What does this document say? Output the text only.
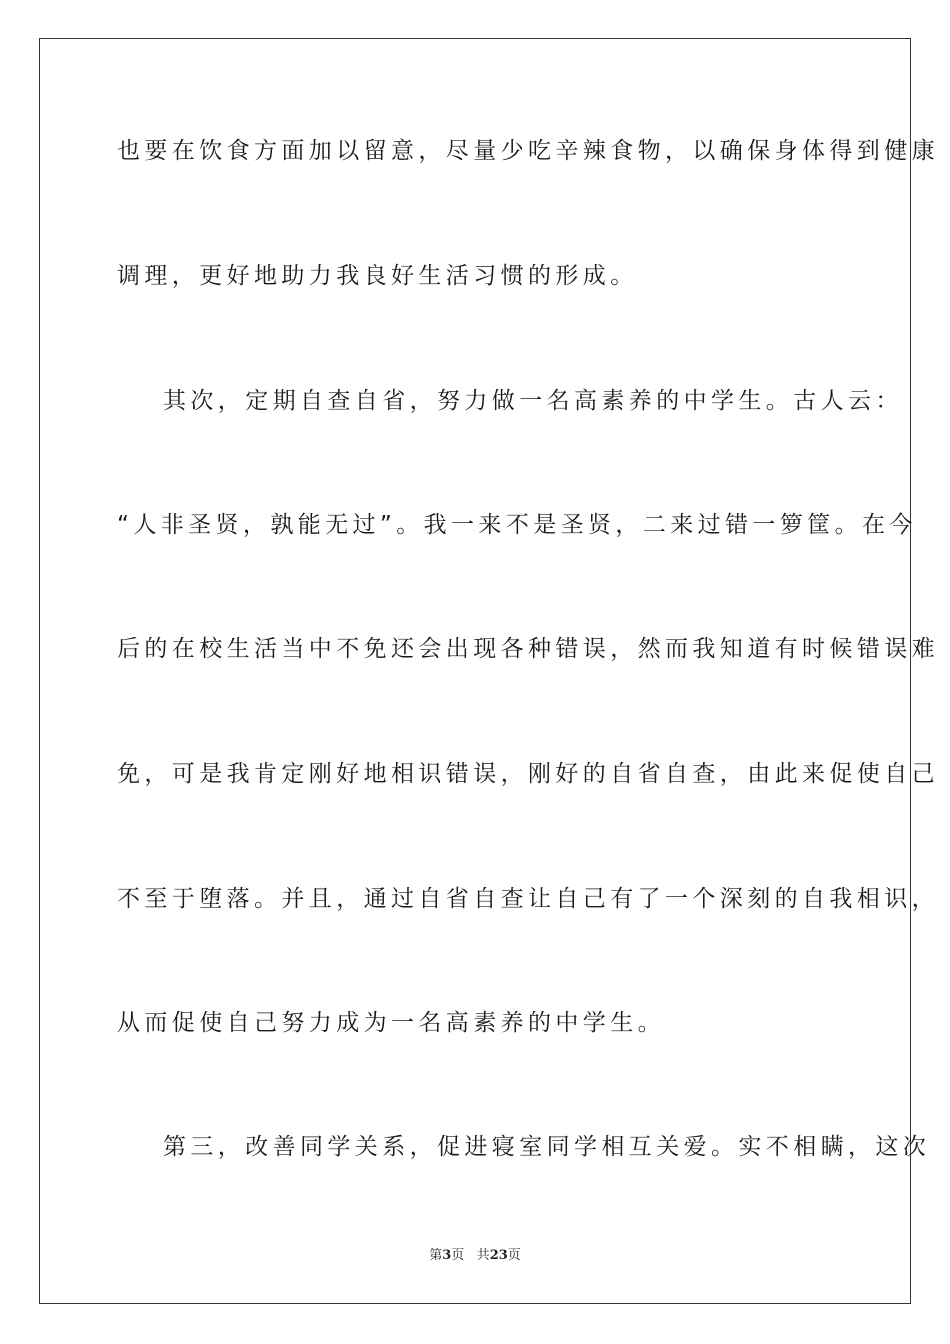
也要在饮食方面加以留意，尽量少吃辛辣食物，以确保身体得到健康
调理，更好地助力我良好生活习惯的形成。
其次，定期自查自省，努力做一名高素养的中学生。古人云：
“人非圣贤，孰能无过”。我一来不是圣贤，二来过错一箩筐。在今
后的在校生活当中不免还会出现各种错误，然而我知道有时候错误难
免，可是我肯定刚好地相识错误，刚好的自省自查，由此来促使自己
不至于堕落。并且，通过自省自查让自己有了一个深刻的自我相识，
从而促使自己努力成为一名高素养的中学生。
第三，改善同学关系，促进寝室同学相互关爱。实不相瞒，这次
第3页 共23页
